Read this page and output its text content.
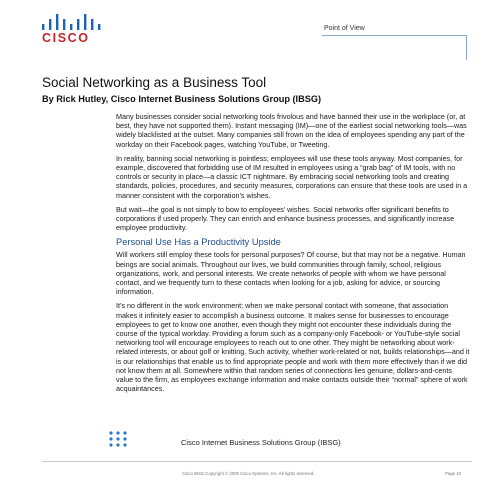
CISCO
Point of View
Social Networking as a Business Tool
By Rick Hutley, Cisco Internet Business Solutions Group (IBSG)

Many businesses consider social networking tools frivolous and have banned their use in the workplace (or, at best, they have not supported them). Instant messaging (IM)—one of the earliest social networking tools—was widely blacklisted at the outset. Many companies still frown on the idea of employees spending any part of the workday on their Facebook pages, watching YouTube, or Tweeting.

In reality, banning social networking is pointless; employees will use these tools anyway. Most companies, for example, discovered that forbidding use of IM resulted in employees using a “grab bag” of IM tools, with no controls or security in place—a classic ICT nightmare. By embracing social networking tools and creating standards, policies, procedures, and security measures, corporations can ensure that these tools are used in a manner consistent with the corporation’s wishes.

But wait—the goal is not simply to bow to employees’ wishes. Social networks offer significant benefits to corporations if used properly. They can enrich and enhance business processes, and significantly increase employee productivity.

Personal Use Has a Productivity Upside

Will workers still employ these tools for personal purposes? Of course, but that may not be a negative. Human beings are social animals. Throughout our lives, we build communities through family, school, religious organizations, work, and personal interests. We create networks of people with whom we have personal contact, and we frequently turn to these contacts when looking for a job, asking for advice, or sourcing information.

It’s no different in the work environment; when we make personal contact with someone, that association makes it infinitely easier to accomplish a business outcome. It makes sense for businesses to encourage employees to get to know one another, even though they might not encounter these individuals during the course of the typical workday. Providing a forum such as a company-only Facebook- or YouTube-style social networking tool will encourage employees to reach out to one other. They might be networking about work-related interests, or about golf or knitting. Such activity, whether work-related or not, builds relationships—and it is our relationships that enable us to find appropriate people and work with them more effectively than if we did not know them at all. Somewhere within that random series of connections lies genuine, dollars-and-cents value to the firm, as employees exchange information and make contacts outside their “normal” sphere of work acquaintances.

Cisco Internet Business Solutions Group (IBSG)
Cisco IBSG Copyright © 2009 Cisco Systems, Inc. All rights reserved.	Page 10
